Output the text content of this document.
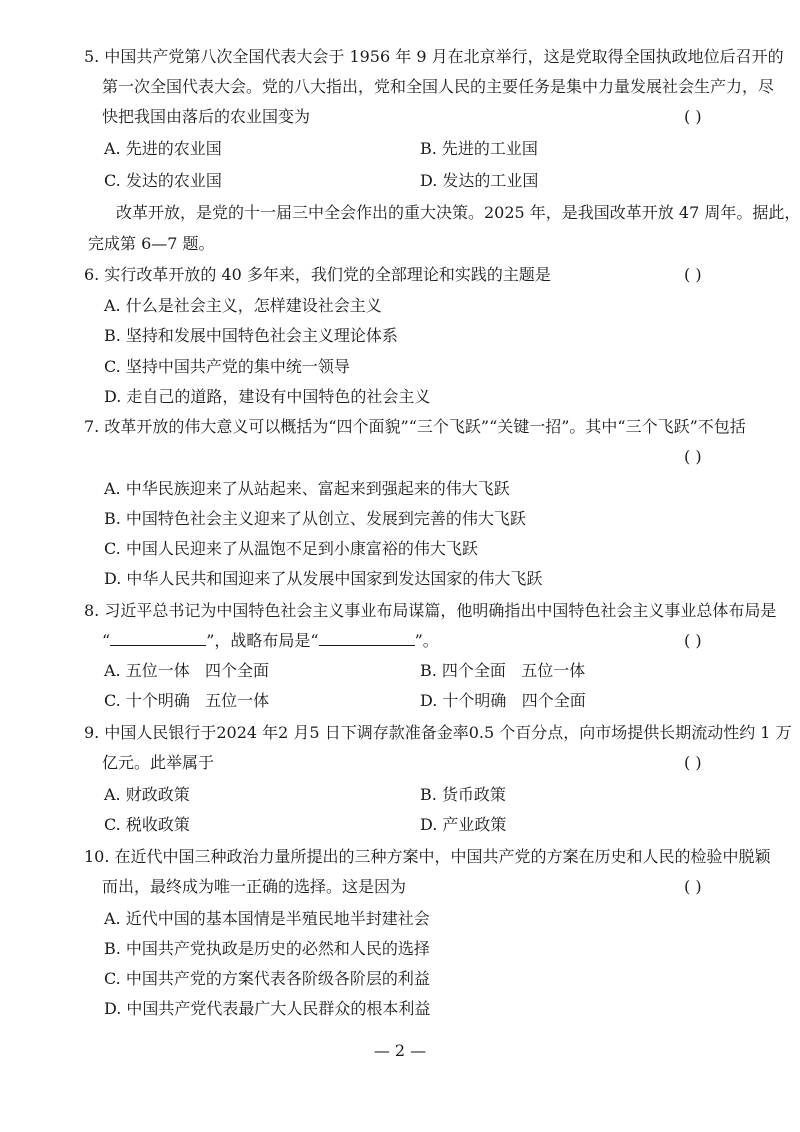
5. 中国共产党第八次全国代表大会于 1956 年 9 月在北京举行，这是党取得全国执政地位后召开的
第一次全国代表大会。党的八大指出，党和全国人民的主要任务是集中力量发展社会生产力，尽
快把我国由落后的农业国变为	( )
A. 先进的农业国	B. 先进的工业国
C. 发达的农业国	D. 发达的工业国
改革开放，是党的十一届三中全会作出的重大决策。2025 年，是我国改革开放 47 周年。据此，
完成第 6—7 题。
6. 实行改革开放的 40 多年来，我们党的全部理论和实践的主题是	( )
A. 什么是社会主义，怎样建设社会主义
B. 坚持和发展中国特色社会主义理论体系
C. 坚持中国共产党的集中统一领导
D. 走自己的道路，建设有中国特色的社会主义
7. 改革开放的伟大意义可以概括为“四个面貌”“三个飞跃”“关键一招”。其中“三个飞跃”不包括
( )
A. 中华民族迎来了从站起来、富起来到强起来的伟大飞跃
B. 中国特色社会主义迎来了从创立、发展到完善的伟大飞跃
C. 中国人民迎来了从温饱不足到小康富裕的伟大飞跃
D. 中华人民共和国迎来了从发展中国家到发达国家的伟大飞跃
8. 习近平总书记为中国特色社会主义事业布局谋篇，他明确指出中国特色社会主义事业总体布局是
“	”，战略布局是“	”。	( )
A. 五位一体   四个全面	B. 四个全面   五位一体
C. 十个明确   五位一体	D. 十个明确   四个全面
9. 中国人民银行于2024 年2 月5 日下调存款准备金率0.5 个百分点，向市场提供长期流动性约 1 万
亿元。此举属于	( )
A. 财政政策	B. 货币政策
C. 税收政策	D. 产业政策
10. 在近代中国三种政治力量所提出的三种方案中，中国共产党的方案在历史和人民的检验中脱颖
而出，最终成为唯一正确的选择。这是因为	( )
A. 近代中国的基本国情是半殖民地半封建社会
B. 中国共产党执政是历史的必然和人民的选择
C. 中国共产党的方案代表各阶级各阶层的利益
D. 中国共产党代表最广大人民群众的根本利益
— 2 —
